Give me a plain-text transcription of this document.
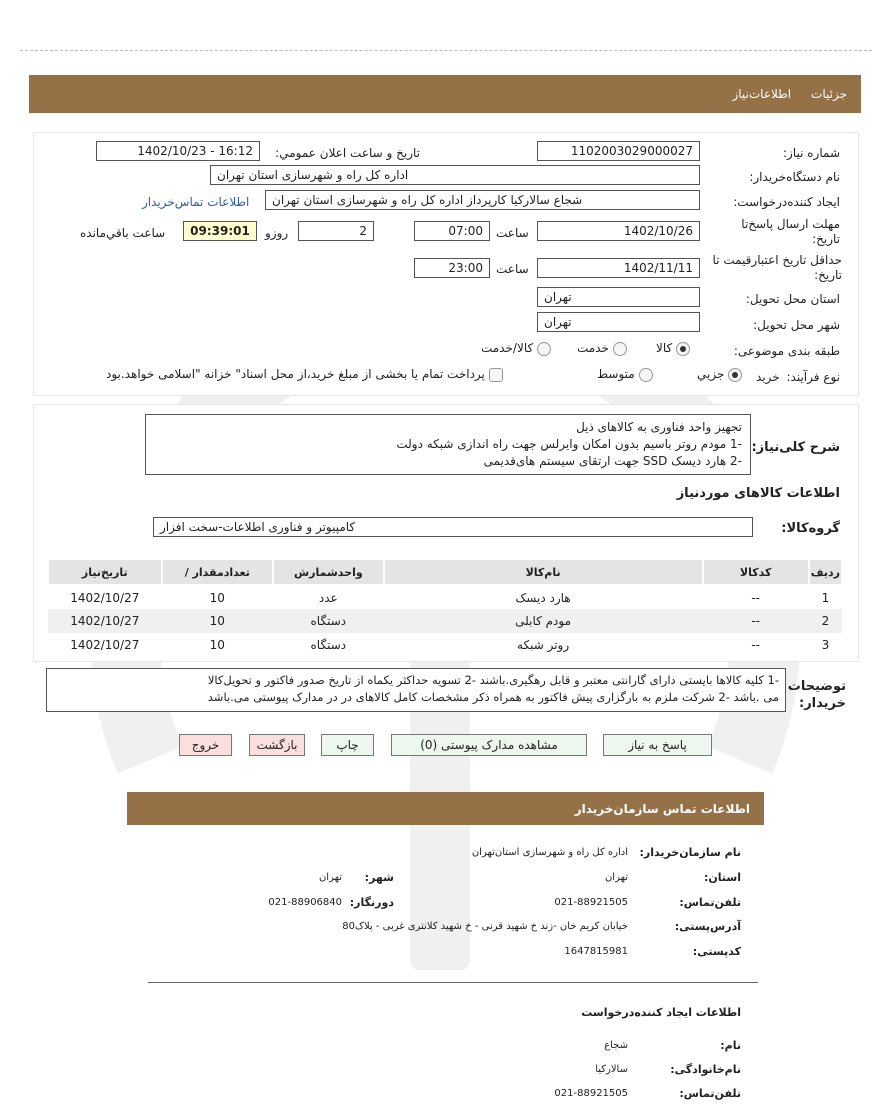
جزئیات
اطلاعات‌نیاز
شماره نیاز:
1102003029000027
تاریخ و ساعت اعلان عمومي:
1402/10/23 - 16:12
نام دستگاه‌خریدار:
اداره کل راه و شهرسازی استان تهران
ایجاد کننده‌درخواست:
شجاع سالارکیا کارپرداز اداره کل راه و شهرسازی استان تهران
اطلاعات تماس‌خریدار
مهلت ارسال پاسخ‌تا تاریخ:
1402/10/26
ساعت
07:00
2
روزو
09:39:01
ساعت باقي‌مانده
حداقل تاریخ اعتبار‌قیمت تا تاریخ:
1402/11/11
ساعت
23:00
استان محل تحویل:
تهران
شهر محل تحویل:
تهران
طبقه بندی موضوعی:
کالا
خدمت
کالا/خدمت
نوع فرآیند:
خرید
جزیي
متوسط
پرداخت تمام یا بخشی از مبلغ خرید،از محل اسناد" خزانه "اسلامی خواهد.بود
شرح کلی‌نیاز:
تجهیز واحد فناوری به کالاهای ذیل
-1 مودم روتر باسیم بدون امکان وایرلس جهت راه اندازی شبکه دولت
-2 هارد دیسک SSD جهت ارتقای سیستم های‌قدیمی
اطلاعات کالاهای موردنیاز
گروه‌کالا:
کامپیوتر و فناوری اطلاعات-سخت افزار
ردیف	کدکالا	نام‌کالا	واحدشمارش	تعدادمقدار /	تاریخ‌نیاز
1	--	هارد دیسک	عدد	10	1402/10/27
2	--	مودم کابلی	دستگاه	10	1402/10/27
3	--	روتر شبکه	دستگاه	10	1402/10/27
توضیحات
خریدار:
-1 کلیه کالاها بایستی دارای گارانتی معتبر و قابل رهگیری.باشند -2 تسویه حداکثر یکماه از تاریخ صدور فاکتور و تحویل‌کالا
می .باشد -2 شرکت ملزم به بارگزاری پیش فاکتور به همراه ذکر مشخصات کامل کالاهای در در مدارک پیوستی می.باشد
پاسخ به نیاز
مشاهده مدارک پیوستی (0)
چاپ
بازگشت
خروج
اطلاعات تماس سازمان‌خریدار
نام سازمان‌خریدار:
اداره کل راه و شهرسازی استان‌تهران
استان:
تهران
شهر:
تهران
تلفن‌تماس:
021-88921505
دورنگار:
021-88906840
آدرس‌پستی:
خیابان کریم خان -زند خ شهید قرنی - خ شهید کلانتری غربی - پلاک80
کدپستی:
1647815981
اطلاعات ایجاد کننده‌درخواست
نام:
شجاع
نام‌خانوادگی:
سالارکیا
تلفن‌تماس:
021-88921505
